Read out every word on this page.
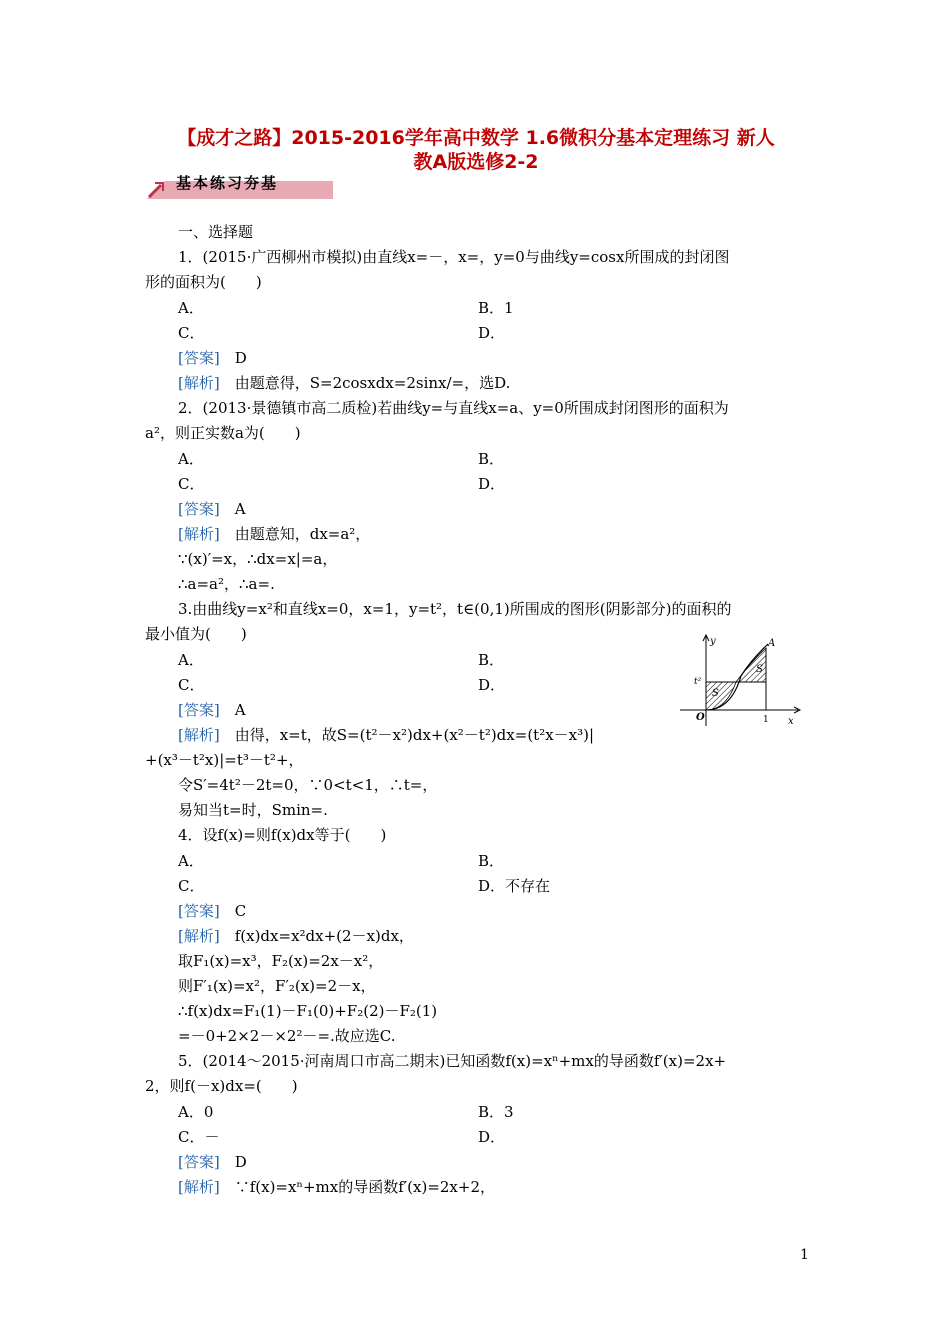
【成才之路】2015-2016学年高中数学 1.6微积分基本定理练习 新人
教A版选修2-2
基本练习夯基
一、选择题
1．(2015·广西柳州市模拟)由直线x=－，x=，y=0与曲线y=cosx所围成的封闭图
形的面积为(　　)
A．	B．1
C．	D．
[答案]　D
[解析]　由题意得，S=2cosxdx=2sinx/=，选D.
2．(2013·景德镇市高二质检)若曲线y=与直线x=a、y=0所围成封闭图形的面积为
a²，则正实数a为(　　)
A．	B．
C．	D．
[答案]　A
[解析]　由题意知，dx=a²，
∵(x)′=x，∴dx=x|=a，
∴a=a²，∴a=.
3.由曲线y=x²和直线x=0，x=1，y=t²，t∈(0,1)所围成的图形(阴影部分)的面积的
最小值为(　　)
A．	B．
C．	D．
[答案]　A
[解析]　由得，x=t，故S=(t²－x²)dx+(x²－t²)dx=(t²x－x³)|
+(x³－t²x)|=t³－t²+，
令S′=4t²－2t=0，∵0<t<1，∴t=，
易知当t=时，Smin=.
4．设f(x)=则f(x)dx等于(　　)
A．	B．
C．	D．不存在
[答案]　C
[解析]　f(x)dx=x²dx+(2－x)dx，
取F₁(x)=x³，F₂(x)=2x－x²，
则F′₁(x)=x²，F′₂(x)=2－x，
∴f(x)dx=F₁(1)－F₁(0)+F₂(2)－F₂(1)
=－0+2×2－×2²－=.故应选C.
5．(2014～2015·河南周口市高二期末)已知函数f(x)=xⁿ+mx的导函数f′(x)=2x+
2，则f(－x)dx=(　　)
A．0	B．3
C．－	D．
[答案]　D
[解析]　∵f(x)=xⁿ+mx的导函数f′(x)=2x+2，
y
x
A
t²
O	1
S
S
1
